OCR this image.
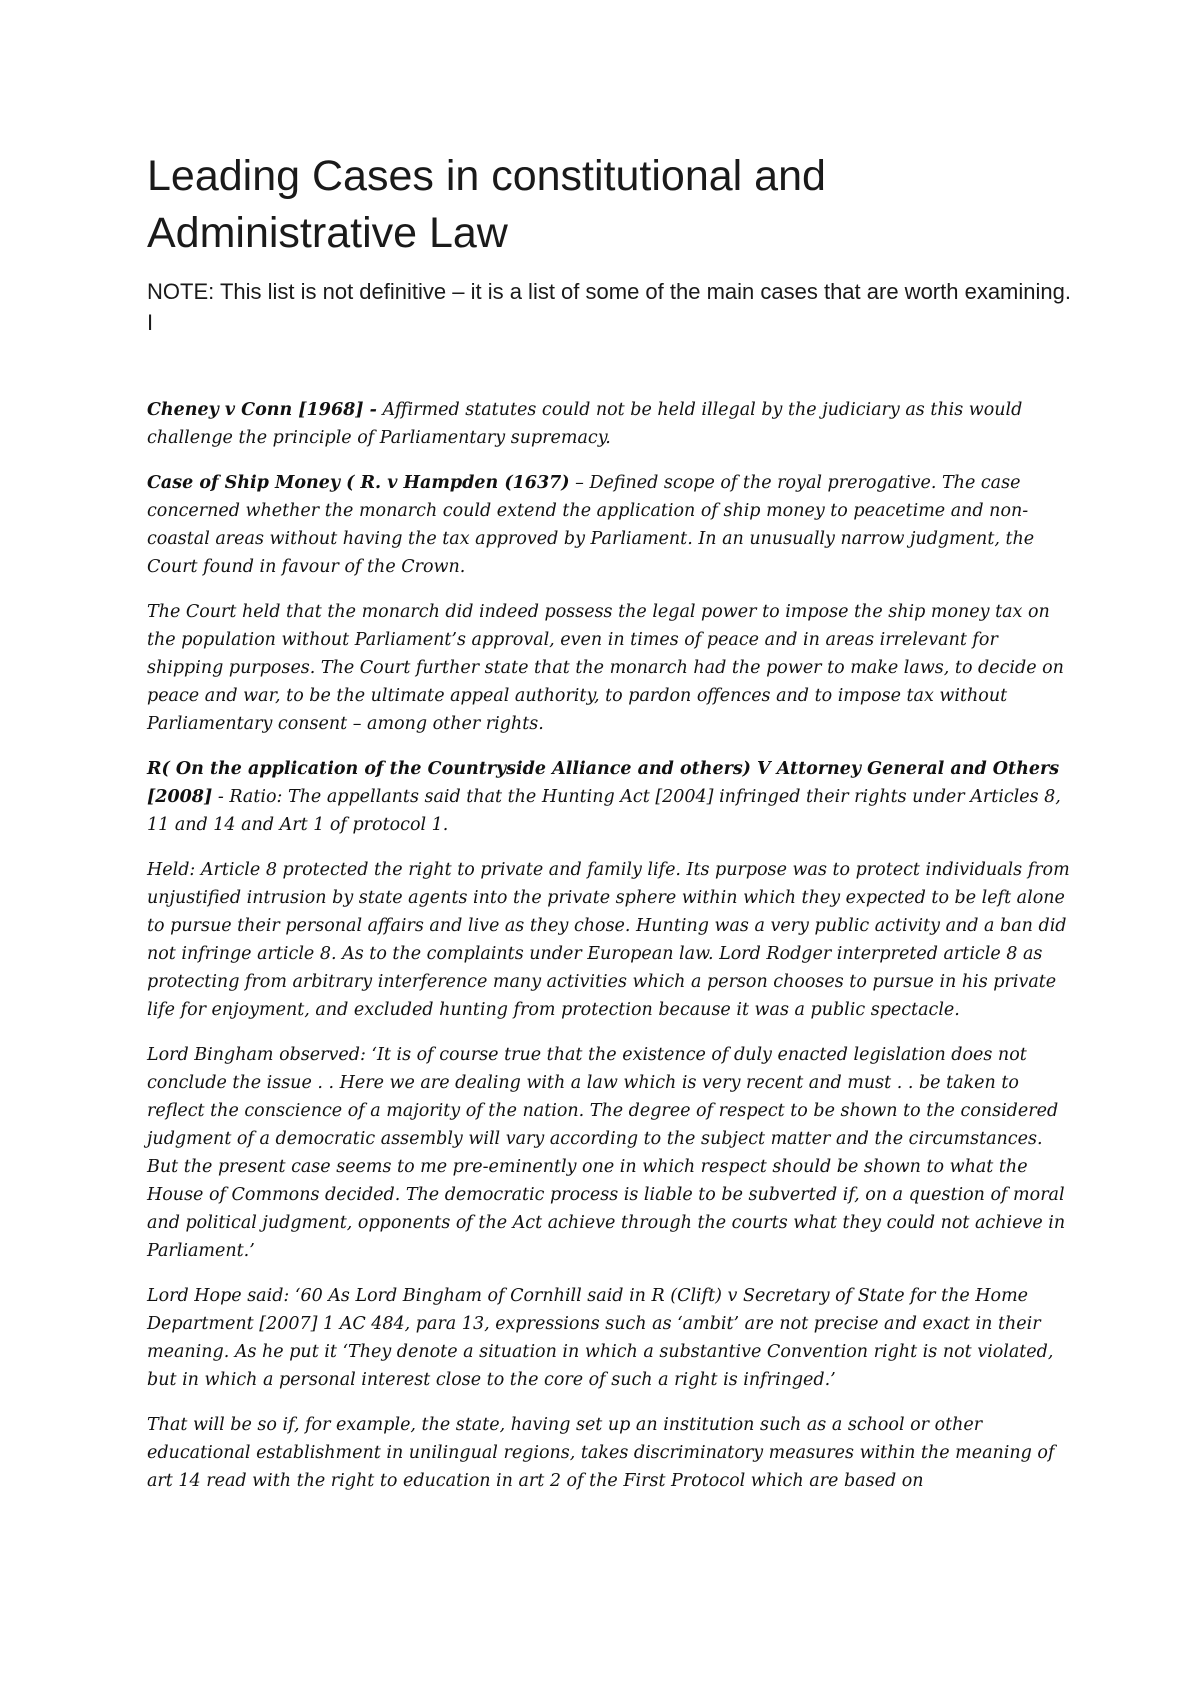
Leading Cases in constitutional and Administrative Law

NOTE: This list is not definitive – it is a list of some of the main cases that are worth examining. I

Cheney v Conn [1968] - Affirmed statutes could not be held illegal by the judiciary as this would challenge the principle of Parliamentary supremacy.

Case of Ship Money ( R. v Hampden (1637) – Defined scope of the royal prerogative. The case concerned whether the monarch could extend the application of ship money to peacetime and non-coastal areas without having the tax approved by Parliament. In an unusually narrow judgment, the Court found in favour of the Crown.

The Court held that the monarch did indeed possess the legal power to impose the ship money tax on the population without Parliament’s approval, even in times of peace and in areas irrelevant for shipping purposes. The Court further state that the monarch had the power to make laws, to decide on peace and war, to be the ultimate appeal authority, to pardon offences and to impose tax without Parliamentary consent – among other rights.

R( On the application of the Countryside Alliance and others) V Attorney General and Others [2008] - Ratio: The appellants said that the Hunting Act [2004] infringed their rights under Articles 8, 11 and 14 and Art 1 of protocol 1.

Held: Article 8 protected the right to private and family life. Its purpose was to protect individuals from unjustified intrusion by state agents into the private sphere within which they expected to be left alone to pursue their personal affairs and live as they chose. Hunting was a very public activity and a ban did not infringe article 8. As to the complaints under European law. Lord Rodger interpreted article 8 as protecting from arbitrary interference many activities which a person chooses to pursue in his private life for enjoyment, and excluded hunting from protection because it was a public spectacle.

Lord Bingham observed: ‘It is of course true that the existence of duly enacted legislation does not conclude the issue . . Here we are dealing with a law which is very recent and must . . be taken to reflect the conscience of a majority of the nation. The degree of respect to be shown to the considered judgment of a democratic assembly will vary according to the subject matter and the circumstances. But the present case seems to me pre-eminently one in which respect should be shown to what the House of Commons decided. The democratic process is liable to be subverted if, on a question of moral and political judgment, opponents of the Act achieve through the courts what they could not achieve in Parliament.’

Lord Hope said: ‘60 As Lord Bingham of Cornhill said in R (Clift) v Secretary of State for the Home Department [2007] 1 AC 484, para 13, expressions such as ‘ambit’ are not precise and exact in their meaning. As he put it ‘They denote a situation in which a substantive Convention right is not violated, but in which a personal interest close to the core of such a right is infringed.’

That will be so if, for example, the state, having set up an institution such as a school or other educational establishment in unilingual regions, takes discriminatory measures within the meaning of art 14 read with the right to education in art 2 of the First Protocol which are based on
